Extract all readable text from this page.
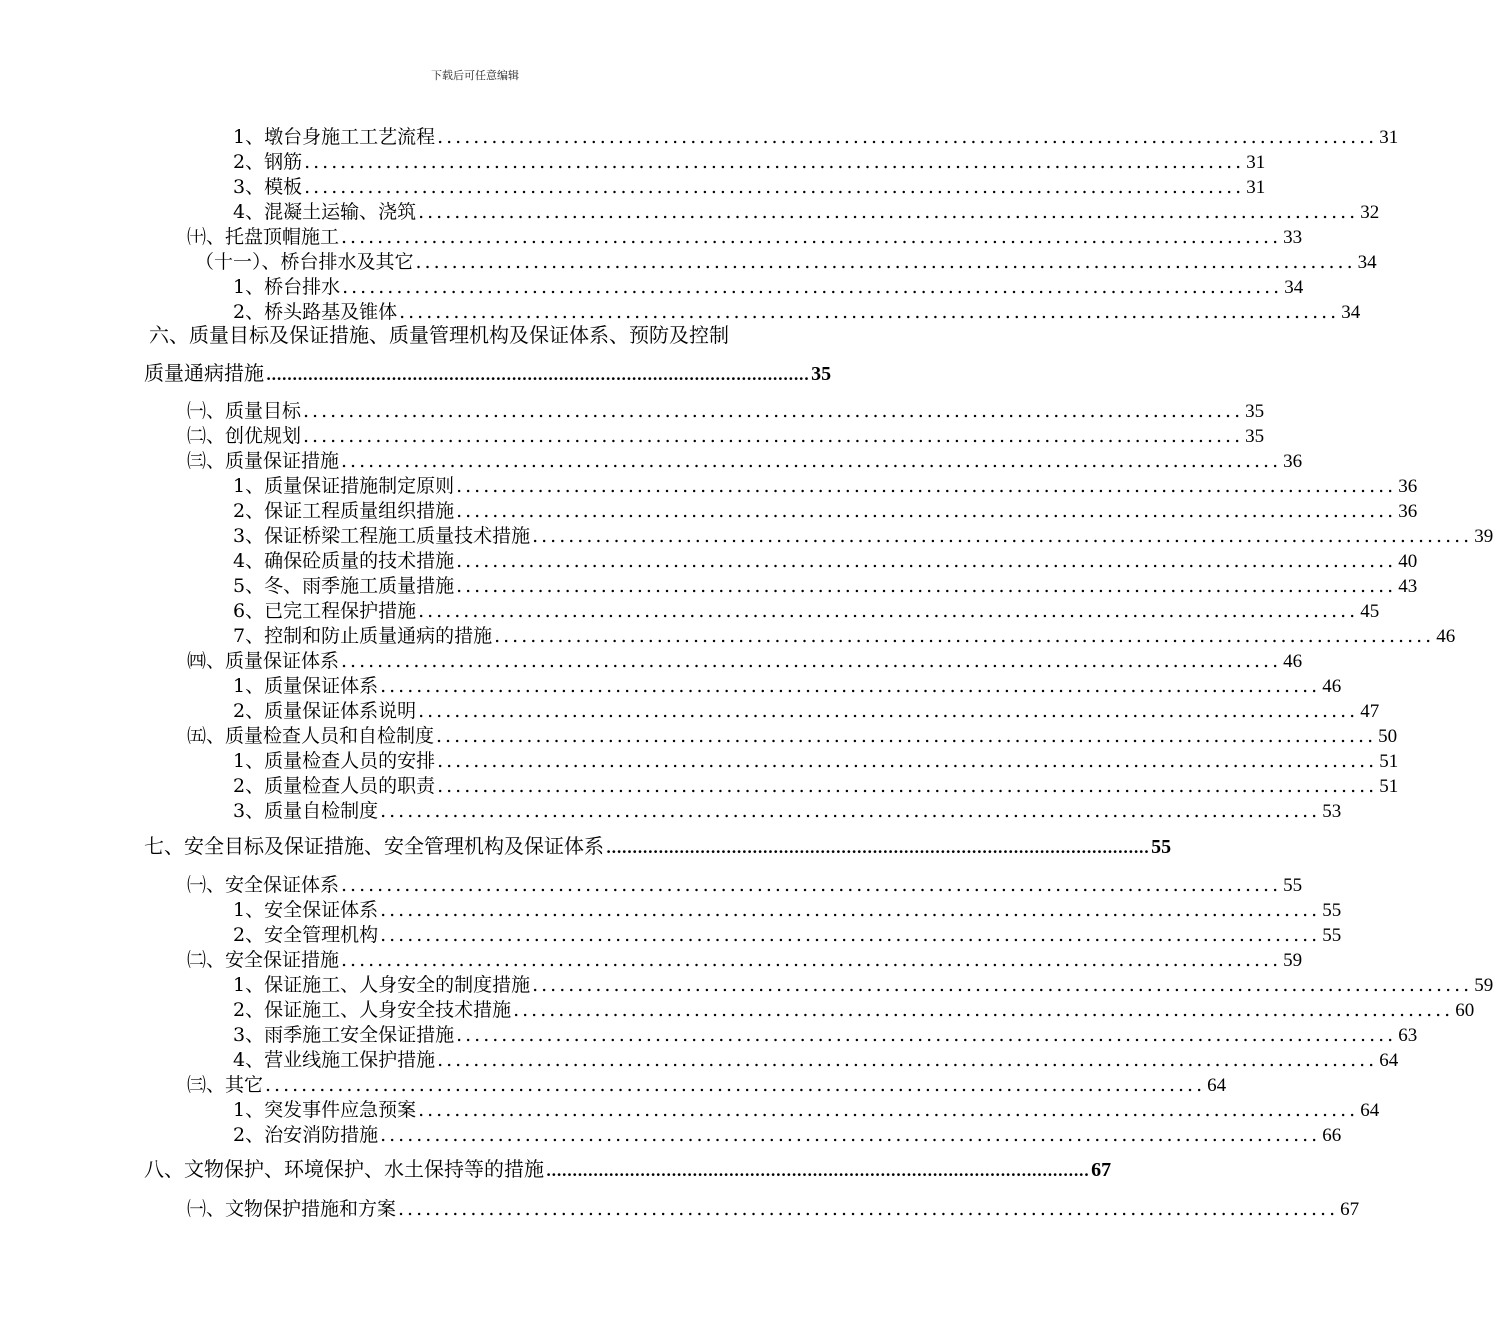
下载后可任意编辑
1、墩台身施工工艺流程 ........................................................................................................ 31
2、钢筋 ........................................................................................................ 31
3、模板 ........................................................................................................ 31
4、混凝土运输、浇筑 ........................................................................................................ 32
㈩、托盘顶帽施工 ........................................................................................................ 33
（十一）、桥台排水及其它 ........................................................................................................ 34
1、桥台排水 ........................................................................................................ 34
2、桥头路基及锥体 ........................................................................................................ 34
六、质量目标及保证措施、质量管理机构及保证体系、预防及控制
质量通病措施 ........................................................................................................ 35
㈠、质量目标 ........................................................................................................ 35
㈡、创优规划 ........................................................................................................ 35
㈢、质量保证措施 ........................................................................................................ 36
1、质量保证措施制定原则 ........................................................................................................ 36
2、保证工程质量组织措施 ........................................................................................................ 36
3、保证桥梁工程施工质量技术措施 ........................................................................................................ 39
4、确保砼质量的技术措施 ........................................................................................................ 40
5、冬、雨季施工质量措施 ........................................................................................................ 43
6、已完工程保护措施 ........................................................................................................ 45
7、控制和防止质量通病的措施 ........................................................................................................ 46
㈣、质量保证体系 ........................................................................................................ 46
1、质量保证体系 ........................................................................................................ 46
2、质量保证体系说明 ........................................................................................................ 47
㈤、质量检查人员和自检制度 ........................................................................................................ 50
1、质量检查人员的安排 ........................................................................................................ 51
2、质量检查人员的职责 ........................................................................................................ 51
3、质量自检制度 ........................................................................................................ 53
七、安全目标及保证措施、安全管理机构及保证体系 ........................................................................................................ 55
㈠、安全保证体系 ........................................................................................................ 55
1、安全保证体系 ........................................................................................................ 55
2、安全管理机构 ........................................................................................................ 55
㈡、安全保证措施 ........................................................................................................ 59
1、保证施工、人身安全的制度措施 ........................................................................................................ 59
2、保证施工、人身安全技术措施 ........................................................................................................ 60
3、雨季施工安全保证措施 ........................................................................................................ 63
4、营业线施工保护措施 ........................................................................................................ 64
㈢、其它 ........................................................................................................ 64
1、突发事件应急预案 ........................................................................................................ 64
2、治安消防措施 ........................................................................................................ 66
八、文物保护、环境保护、水土保持等的措施 ........................................................................................................ 67
㈠、文物保护措施和方案 ........................................................................................................ 67
